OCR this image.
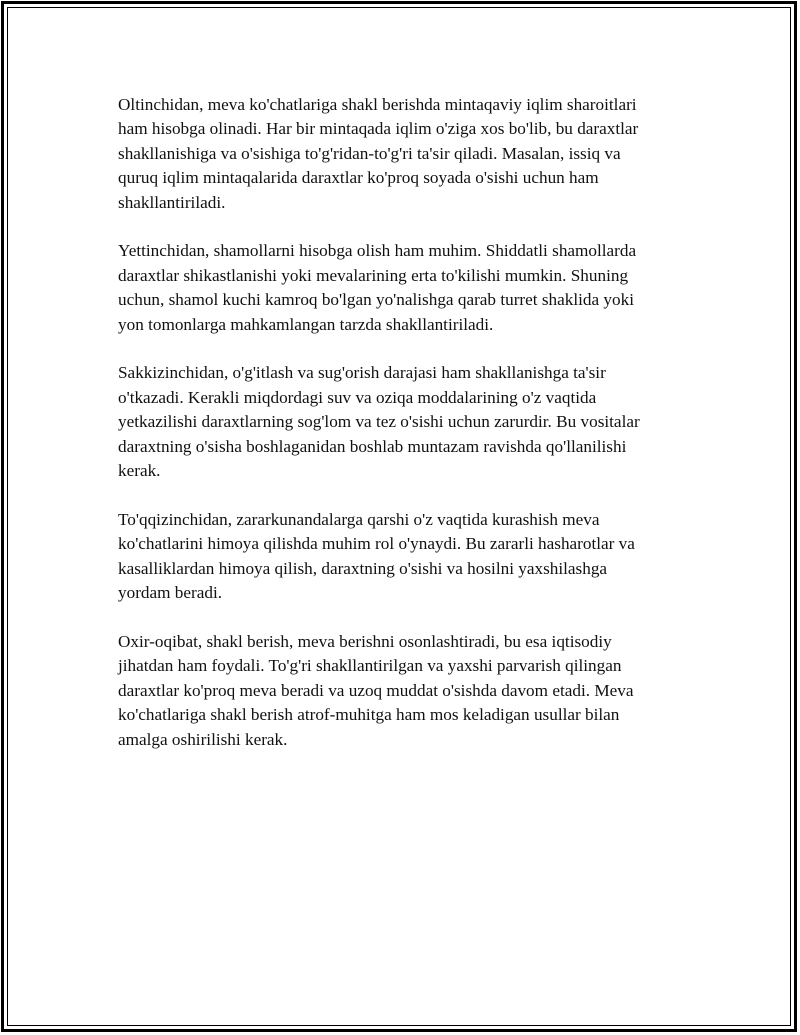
Oltinchidan, meva ko'chatlariga shakl berishda mintaqaviy iqlim sharoitlari
ham hisobga olinadi. Har bir mintaqada iqlim o'ziga xos bo'lib, bu daraxtlar
shakllanishiga va o'sishiga to'g'ridan-to'g'ri ta'sir qiladi. Masalan, issiq va
quruq iqlim mintaqalarida daraxtlar ko'proq soyada o'sishi uchun ham
shakllantiriladi.

Yettinchidan, shamollarni hisobga olish ham muhim. Shiddatli shamollarda
daraxtlar shikastlanishi yoki mevalarining erta to'kilishi mumkin. Shuning
uchun, shamol kuchi kamroq bo'lgan yo'nalishga qarab turret shaklida yoki
yon tomonlarga mahkamlangan tarzda shakllantiriladi.

Sakkizinchidan, o'g'itlash va sug'orish darajasi ham shakllanishga ta'sir
o'tkazadi. Kerakli miqdordagi suv va oziqa moddalarining o'z vaqtida
yetkazilishi daraxtlarning sog'lom va tez o'sishi uchun zarurdir. Bu vositalar
daraxtning o'sisha boshlaganidan boshlab muntazam ravishda qo'llanilishi
kerak.

To'qqizinchidan, zararkunandalarga qarshi o'z vaqtida kurashish meva
ko'chatlarini himoya qilishda muhim rol o'ynaydi. Bu zararli hasharotlar va
kasalliklardan himoya qilish, daraxtning o'sishi va hosilni yaxshilashga
yordam beradi.

Oxir-oqibat, shakl berish, meva berishni osonlashtiradi, bu esa iqtisodiy
jihatdan ham foydali. To'g'ri shakllantirilgan va yaxshi parvarish qilingan
daraxtlar ko'proq meva beradi va uzoq muddat o'sishda davom etadi. Meva
ko'chatlariga shakl berish atrof-muhitga ham mos keladigan usullar bilan
amalga oshirilishi kerak.
